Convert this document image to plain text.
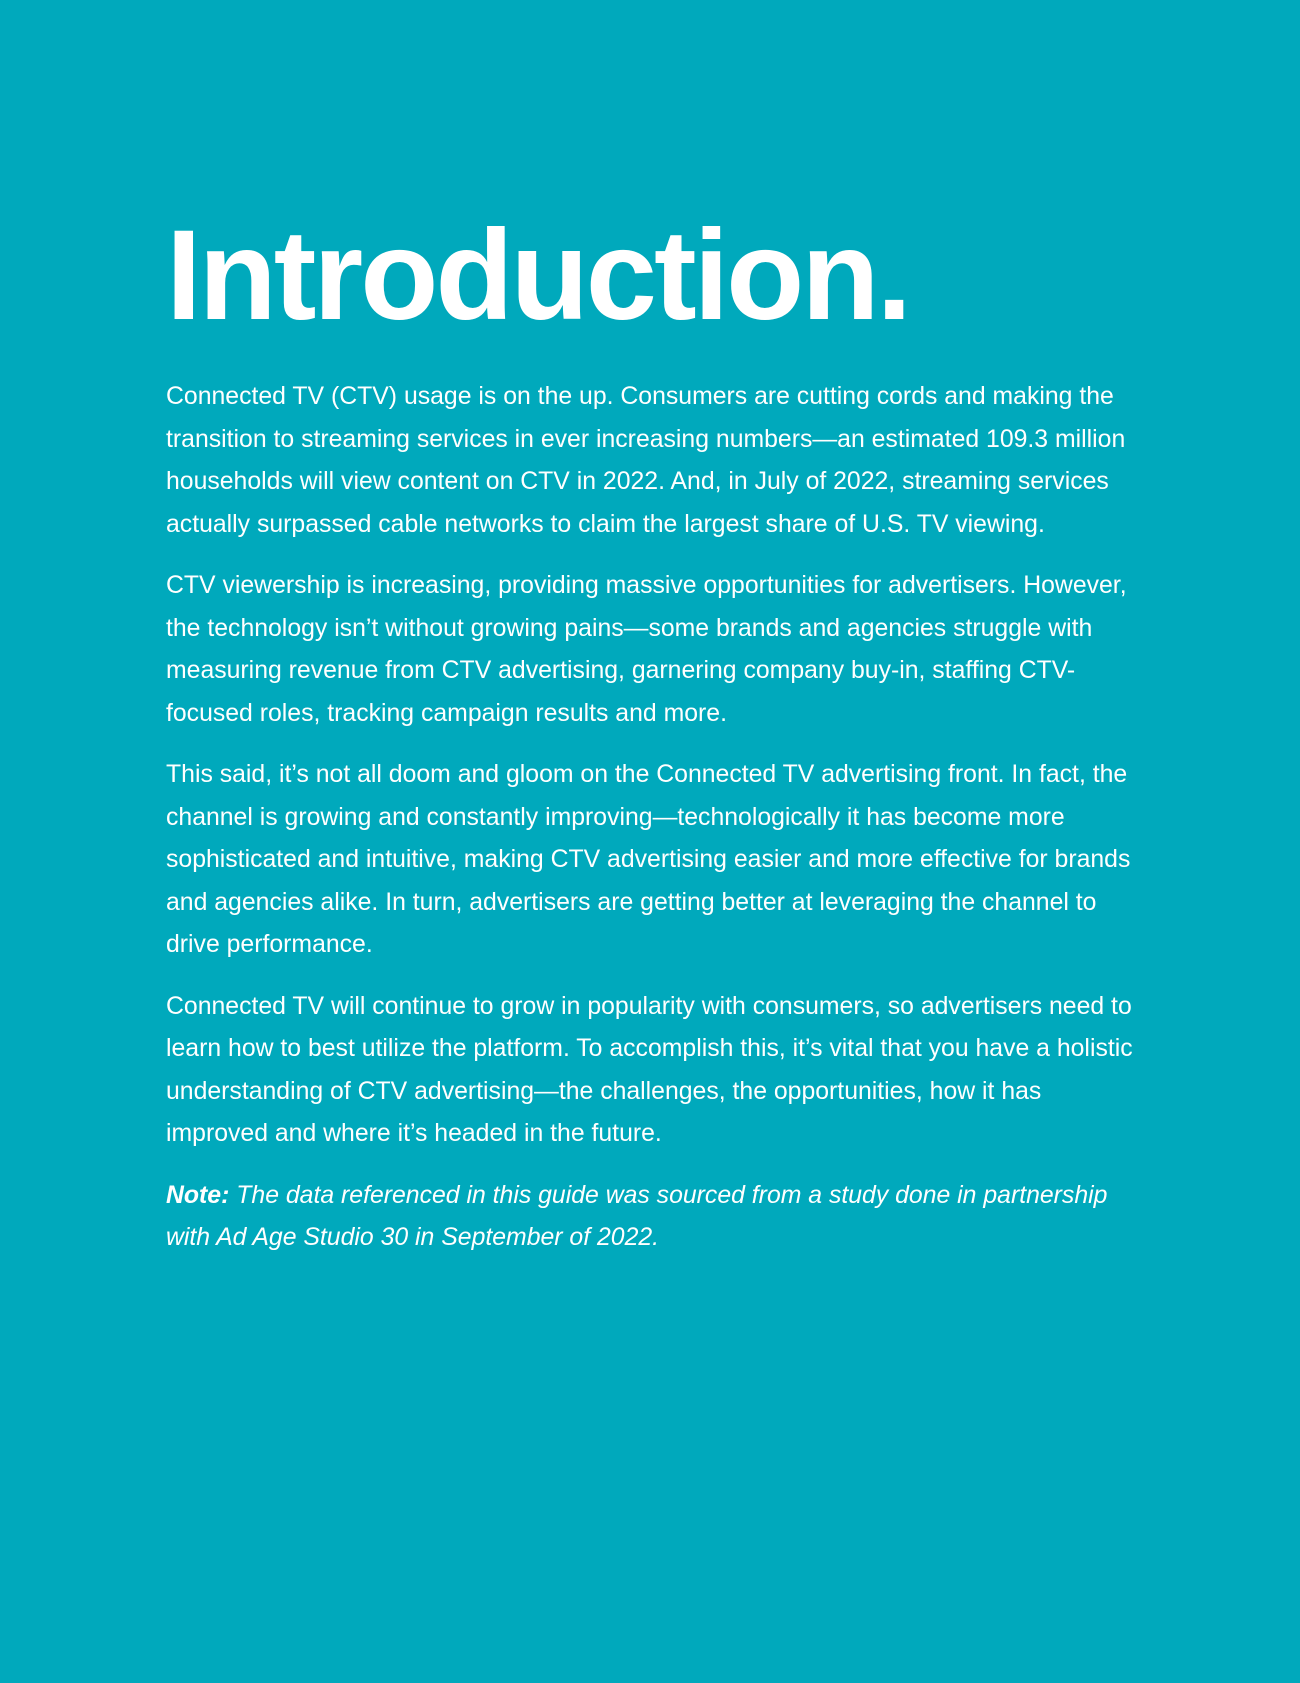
Introduction.

Connected TV (CTV) usage is on the up. Consumers are cutting cords and making the transition to streaming services in ever increasing numbers—an estimated 109.3 million households will view content on CTV in 2022. And, in July of 2022, streaming services actually surpassed cable networks to claim the largest share of U.S. TV viewing.

CTV viewership is increasing, providing massive opportunities for advertisers. However, the technology isn’t without growing pains—some brands and agencies struggle with measuring revenue from CTV advertising, garnering company buy-in, staffing CTV-focused roles, tracking campaign results and more.

This said, it’s not all doom and gloom on the Connected TV advertising front. In fact, the channel is growing and constantly improving—technologically it has become more sophisticated and intuitive, making CTV advertising easier and more effective for brands and agencies alike. In turn, advertisers are getting better at leveraging the channel to drive performance.

Connected TV will continue to grow in popularity with consumers, so advertisers need to learn how to best utilize the platform. To accomplish this, it’s vital that you have a holistic understanding of CTV advertising—the challenges, the opportunities, how it has improved and where it’s headed in the future.

Note: The data referenced in this guide was sourced from a study done in partnership with Ad Age Studio 30 in September of 2022.
